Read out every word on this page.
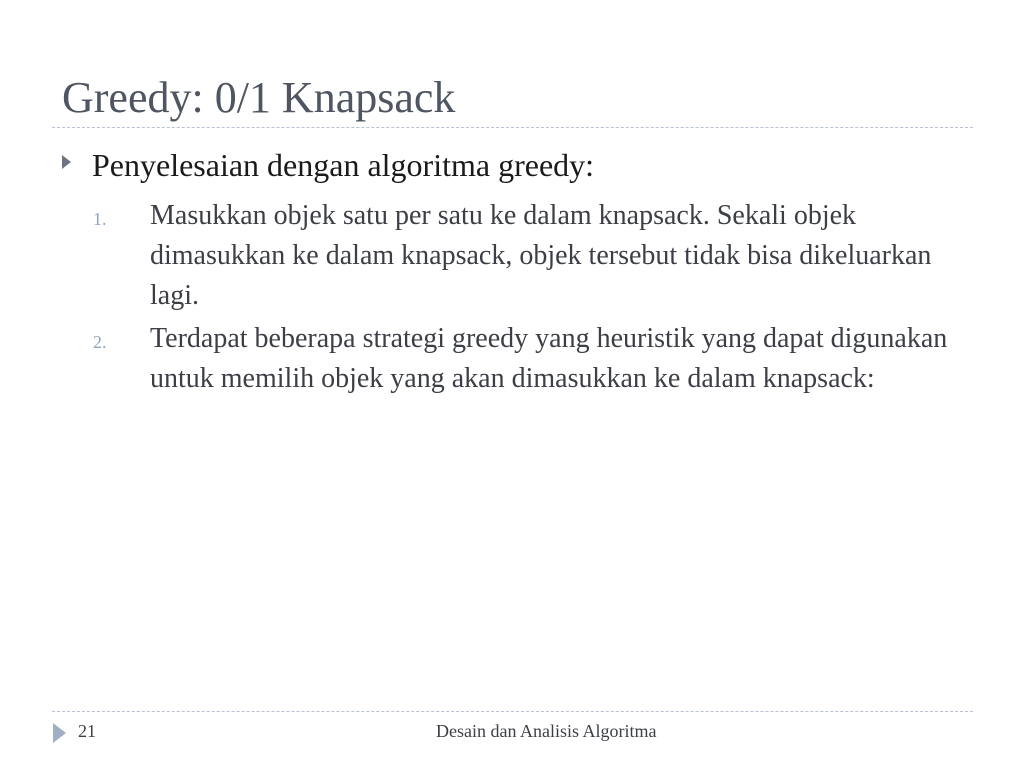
Greedy: 0/1 Knapsack
Penyelesaian dengan algoritma greedy:
1. Masukkan objek satu per satu ke dalam knapsack. Sekali objek dimasukkan ke dalam knapsack, objek tersebut tidak bisa dikeluarkan lagi.
2. Terdapat beberapa strategi greedy yang heuristik yang dapat digunakan untuk memilih objek yang akan dimasukkan ke dalam knapsack:
21	Desain dan Analisis Algoritma
